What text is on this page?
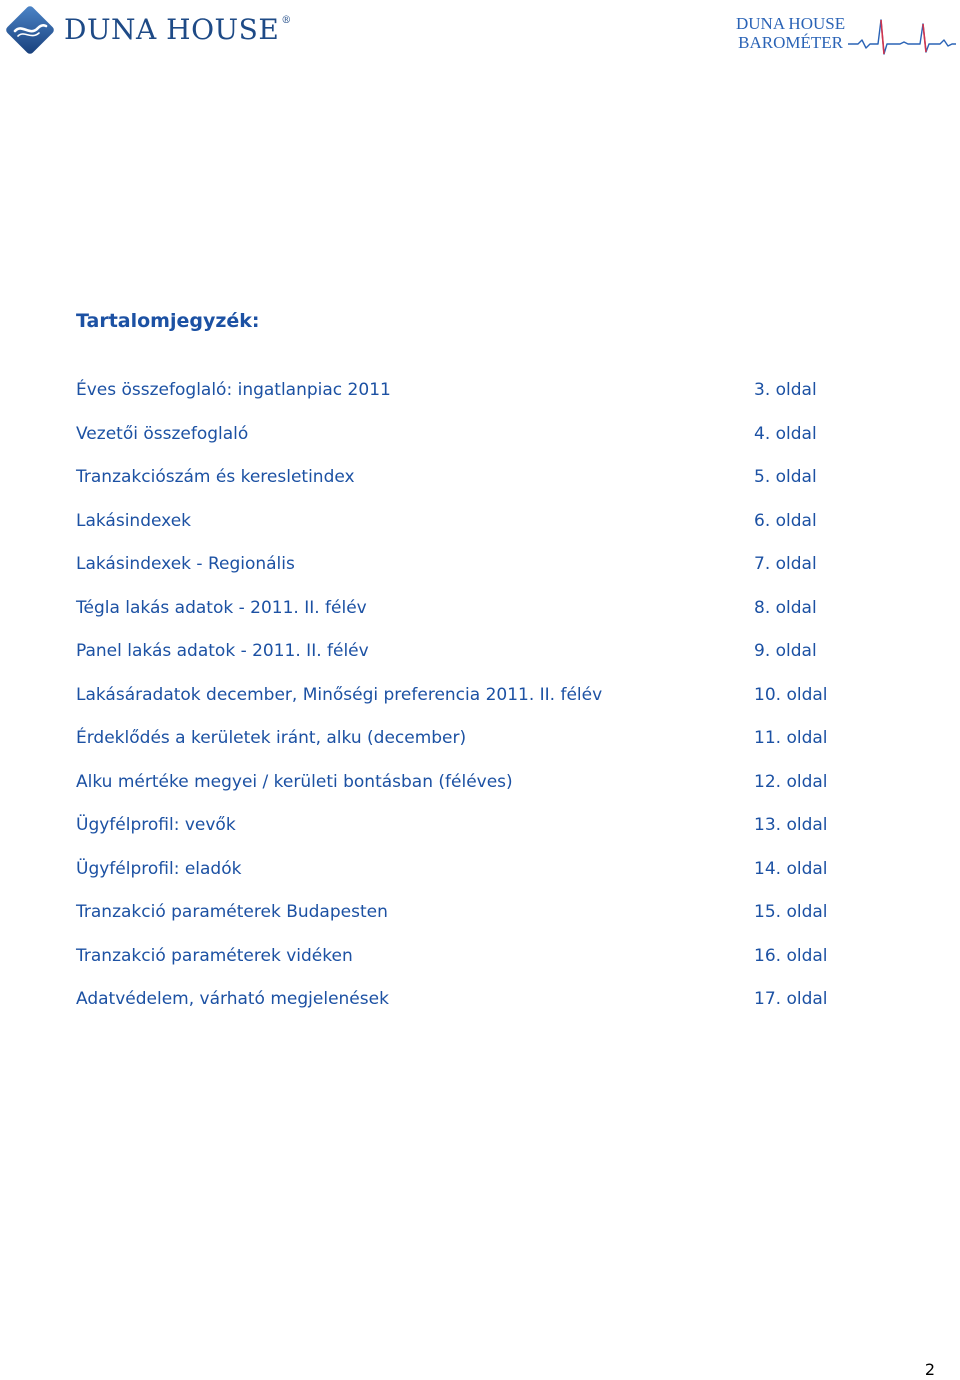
DUNA HOUSE ®	DUNA HOUSE
BAROMÉTER
Tartalomjegyzék:
Éves összefoglaló: ingatlanpiac 2011	3. oldal
Vezetői összefoglaló	4. oldal
Tranzakciószám és keresletindex	5. oldal
Lakásindexek	6. oldal
Lakásindexek - Regionális	7. oldal
Tégla lakás adatok - 2011. II. félév	8. oldal
Panel lakás adatok - 2011. II. félév	9. oldal
Lakásáradatok december, Minőségi preferencia 2011. II. félév	10. oldal
Érdeklődés a kerületek iránt, alku (december)	11. oldal
Alku mértéke megyei / kerületi bontásban (féléves)	12. oldal
Ügyfélprofil: vevők	13. oldal
Ügyfélprofil: eladók	14. oldal
Tranzakció paraméterek Budapesten	15. oldal
Tranzakció paraméterek vidéken	16. oldal
Adatvédelem, várható megjelenések	17. oldal
2
